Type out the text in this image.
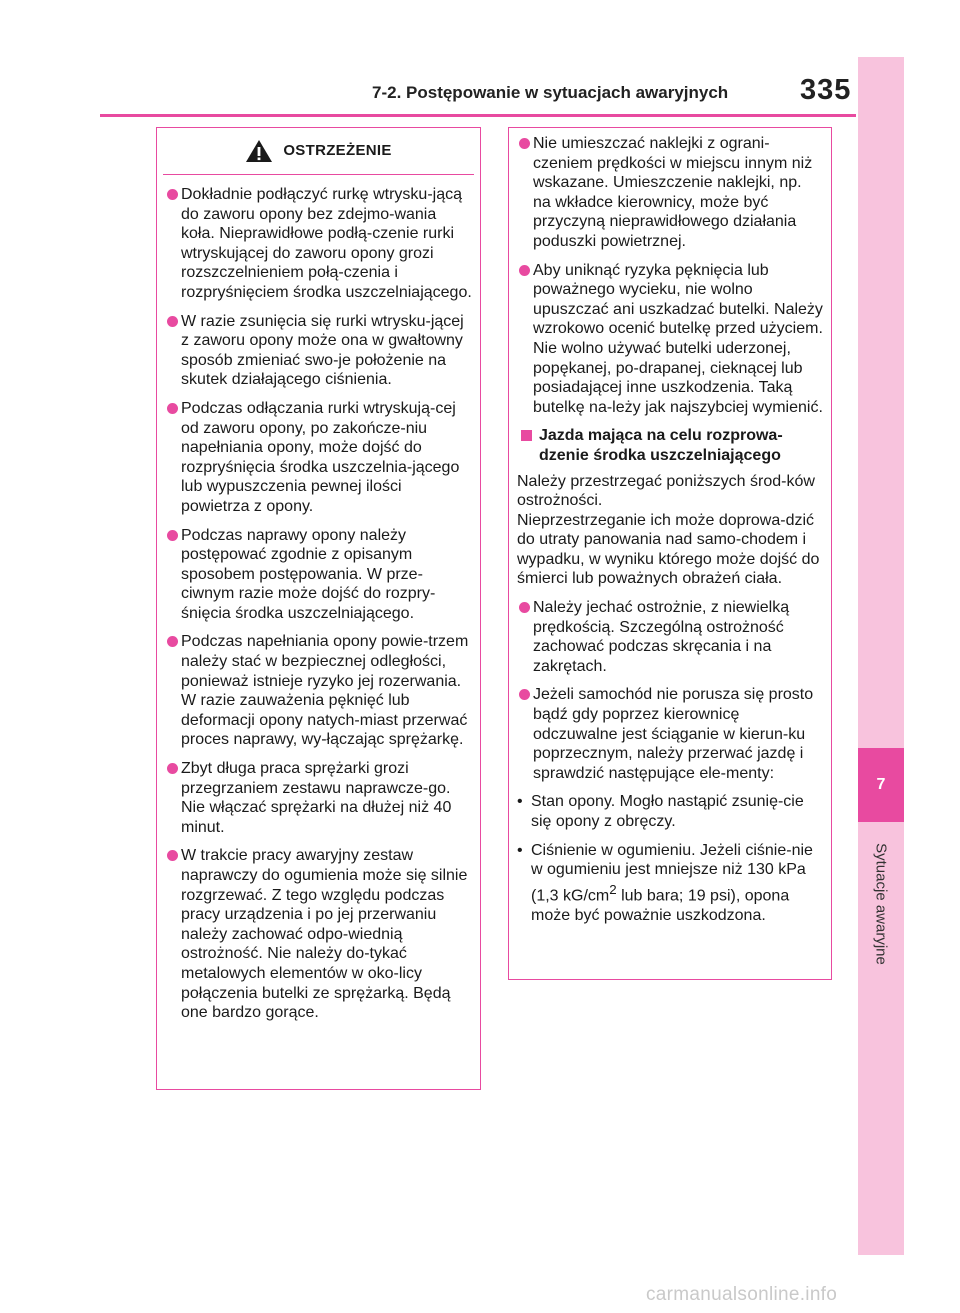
7-2. Postępowanie w sytuacjach awaryjnych 335
7
Sytuacje awaryjne
OSTRZEŻENIE
Dokładnie podłączyć rurkę wtrysku-jącą do zaworu opony bez zdejmo-wania koła. Nieprawidłowe podłą-czenie rurki wtryskującej do zaworu opony grozi rozszczelnieniem połą-czenia i rozpryśnięciem środka uszczelniającego.
W razie zsunięcia się rurki wtrysku-jącej z zaworu opony może ona w gwałtowny sposób zmieniać swo-je położenie na skutek działającego ciśnienia.
Podczas odłączania rurki wtryskują-cej od zaworu opony, po zakończe-niu napełniania opony, może dojść do rozpryśnięcia środka uszczelnia-jącego lub wypuszczenia pewnej ilości powietrza z opony.
Podczas naprawy opony należy postępować zgodnie z opisanym sposobem postępowania. W prze-ciwnym razie może dojść do rozpry-śnięcia środka uszczelniającego.
Podczas napełniania opony powie-trzem należy stać w bezpiecznej odległości, ponieważ istnieje ryzyko jej rozerwania. W razie zauważenia pęknięć lub deformacji opony natych-miast przerwać proces naprawy, wy-łączając sprężarkę.
Zbyt długa praca sprężarki grozi przegrzaniem zestawu naprawcze-go. Nie włączać sprężarki na dłużej niż 40 minut.
W trakcie pracy awaryjny zestaw naprawczy do ogumienia może się silnie rozgrzewać. Z tego względu podczas pracy urządzenia i po jej przerwaniu należy zachować odpo-wiednią ostrożność. Nie należy do-tykać metalowych elementów w oko-licy połączenia butelki ze sprężarką. Będą one bardzo gorące.
Nie umieszczać naklejki z ograni-czeniem prędkości w miejscu innym niż wskazane. Umieszczenie naklejki, np. na wkładce kierownicy, może być przyczyną nieprawidłowego działania poduszki powietrznej.
Aby uniknąć ryzyka pęknięcia lub poważnego wycieku, nie wolno upuszczać ani uszkadzać butelki. Należy wzrokowo ocenić butelkę przed użyciem. Nie wolno używać butelki uderzonej, popękanej, po-drapanej, cieknącej lub posiadającej inne uszkodzenia. Taką butelkę na-leży jak najszybciej wymienić.
Jazda mająca na celu rozprowa-dzenie środka uszczelniającego
Należy przestrzegać poniższych środ-ków ostrożności.
Nieprzestrzeganie ich może doprowa-dzić do utraty panowania nad samo-chodem i wypadku, w wyniku którego może dojść do śmierci lub poważnych obrażeń ciała.
Należy jechać ostrożnie, z niewielką prędkością. Szczególną ostrożność zachować podczas skręcania i na zakrętach.
Jeżeli samochód nie porusza się prosto bądź gdy poprzez kierownicę odczuwalne jest ściąganie w kierun-ku poprzecznym, należy przerwać jazdę i sprawdzić następujące ele-menty:
• Stan opony. Mogło nastąpić zsunię-cie się opony z obręczy.
• Ciśnienie w ogumieniu. Jeżeli ciśnie-nie w ogumieniu jest mniejsze niż 130 kPa (1,3 $kG/cm^2$ lub bara; 19 psi), opona może być poważnie uszkodzona.
carmanualsonline.info
